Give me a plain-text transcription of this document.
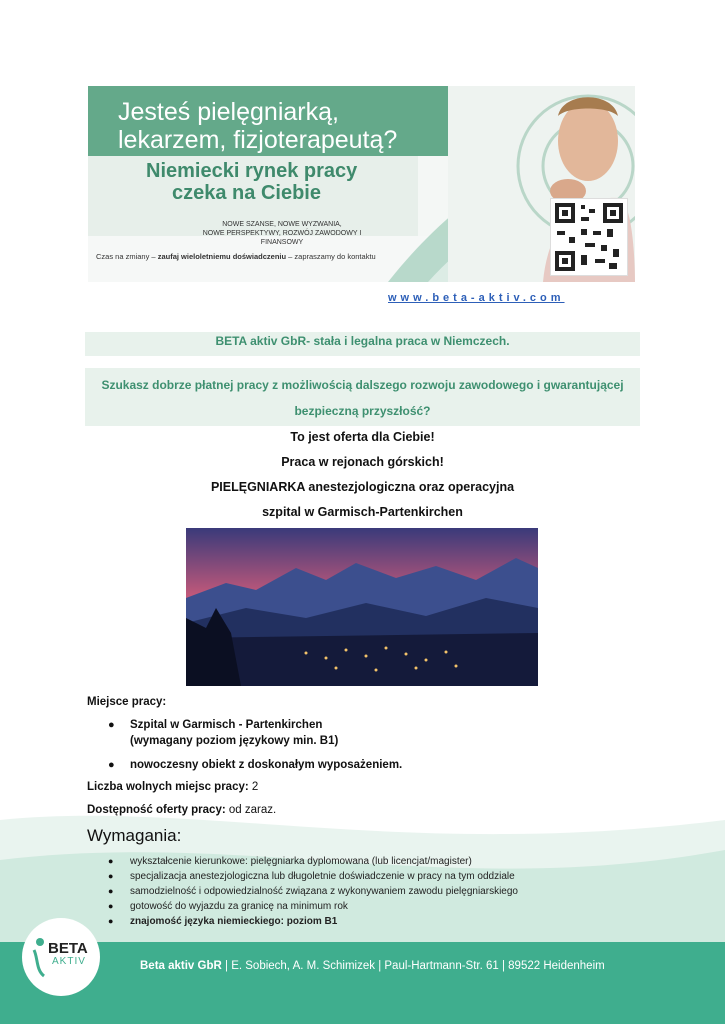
Jesteś pielęgniarką,
lekarzem, fizjoterapeutą?
Niemiecki rynek pracy
czeka na Ciebie
NOWE SZANSE, NOWE WYZWANIA,
NOWE PERSPEKTYWY, ROZWÓJ ZAWODOWY I FINANSOWY
Czas na zmiany – zaufaj wieloletniemu doświadczeniu – zapraszamy do kontaktu
www.beta-aktiv.com
BETA aktiv GbR- stała i legalna praca w Niemczech.
Szukasz dobrze płatnej pracy z możliwością dalszego rozwoju zawodowego i gwarantującej
bezpieczną przyszłość?
To jest oferta dla Ciebie!
Praca w rejonach górskich!
PIELĘGNIARKA anestezjologiczna oraz operacyjna
szpital w Garmisch-Partenkirchen
Miejsce pracy:
● Szpital w Garmisch - Partenkirchen
(wymagany poziom językowy min. B1)
● nowoczesny obiekt z doskonałym wyposażeniem.
Liczba wolnych miejsc pracy: 2
Dostępność oferty pracy: od zaraz.
Wymagania:
● wykształcenie kierunkowe: pielęgniarka dyplomowana (lub licencjat/magister)
● specjalizacja anestezjologiczna lub długoletnie doświadczenie w pracy na tym oddziale
● samodzielność i odpowiedzialność związana z wykonywaniem zawodu pielęgniarskiego
● gotowość do wyjazdu za granicę na minimum rok
● znajomość języka niemieckiego: poziom B1
BETA
AKTIV	Beta aktiv GbR | E. Sobiech, A. M. Schimizek | Paul-Hartmann-Str. 61 | 89522 Heidenheim
